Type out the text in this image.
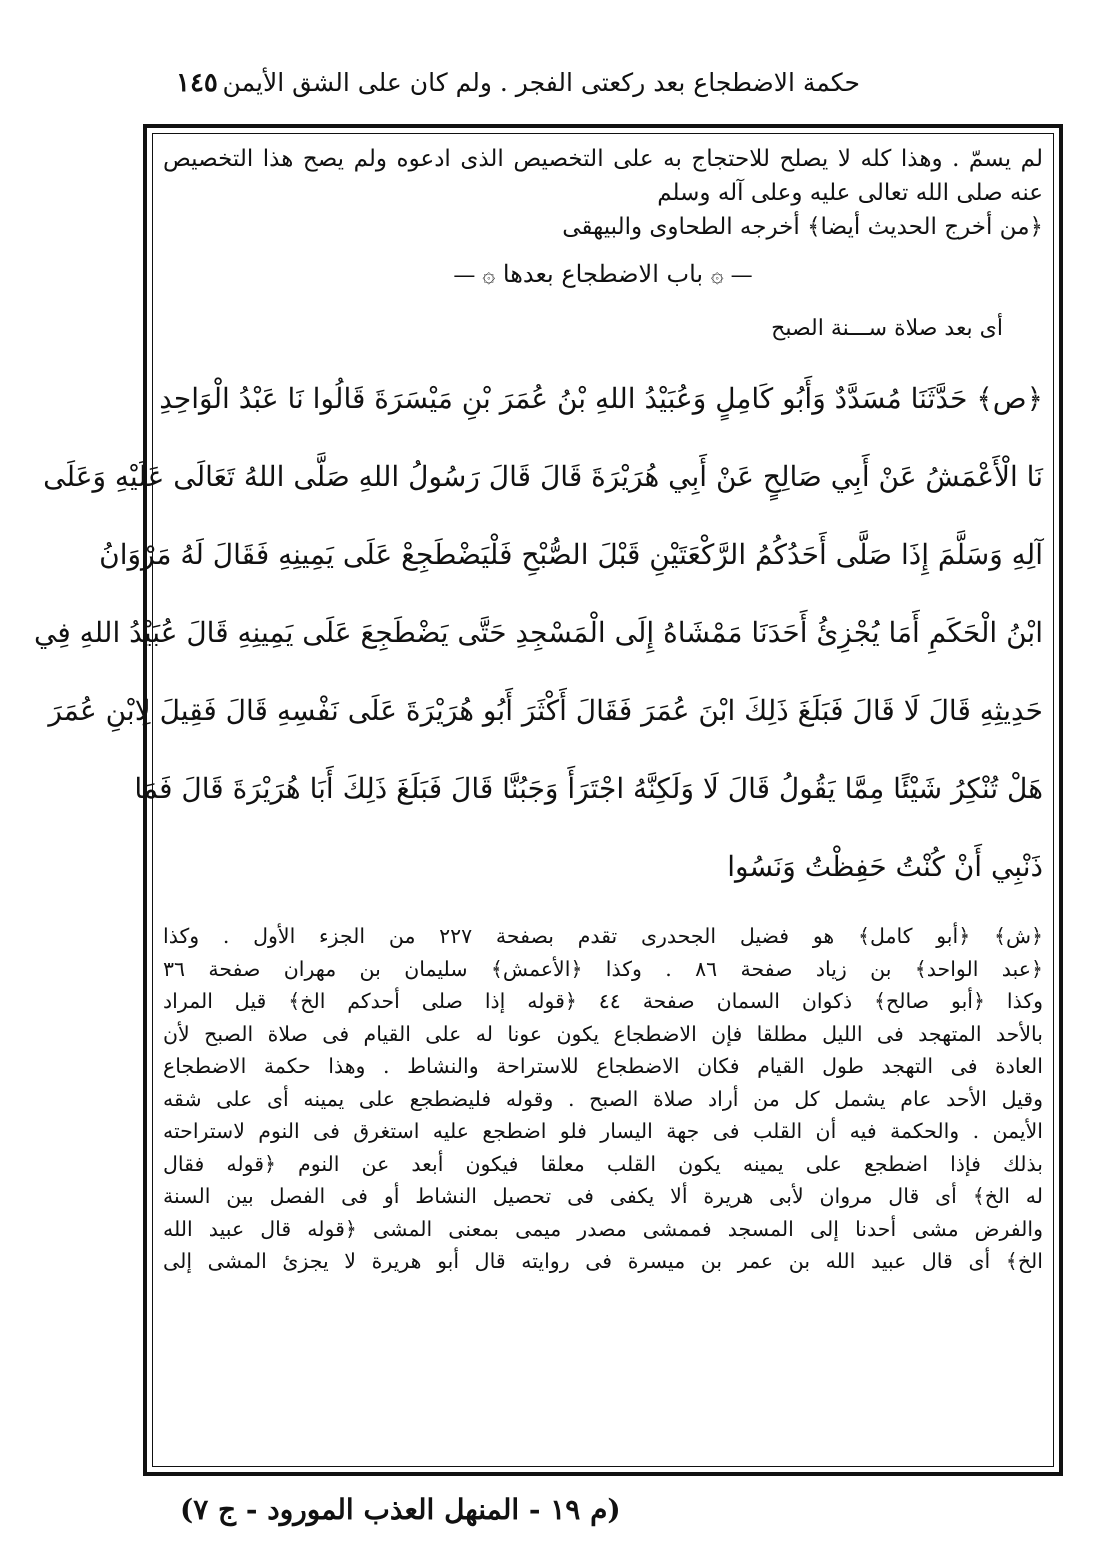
حكمة الاضطجاع بعد ركعتى الفجر . ولم كان على الشق الأيمن
١٤٥
لم يسمّ . وهذا كله لا يصلح للاحتجاج به على التخصيص الذى ادعوه ولم يصح هذا التخصيص
عنه صلى الله تعالى عليه وعلى آله وسلم
﴿من أخرج الحديث أيضا﴾ أخرجه الطحاوى والبيهقى
— ۞ باب الاضطجاع بعدها ۞ —
أى بعد صلاة ســـنة الصبح
﴿ص﴾ حَدَّثَنَا مُسَدَّدٌ وَأَبُو كَامِلٍ وَعُبَيْدُ اللهِ بْنُ عُمَرَ بْنِ مَيْسَرَةَ قَالُوا نَا عَبْدُ الْوَاحِدِ
نَا الْأَعْمَشُ عَنْ أَبِي صَالِحٍ عَنْ أَبِي هُرَيْرَةَ قَالَ قَالَ رَسُولُ اللهِ صَلَّى اللهُ تَعَالَى عَلَيْهِ وَعَلَى
آلِهِ وَسَلَّمَ إِذَا صَلَّى أَحَدُكُمُ الرَّكْعَتَيْنِ قَبْلَ الصُّبْحِ فَلْيَضْطَجِعْ عَلَى يَمِينِهِ فَقَالَ لَهُ مَرْوَانُ
ابْنُ الْحَكَمِ أَمَا يُجْزِئُ أَحَدَنَا مَمْشَاهُ إِلَى الْمَسْجِدِ حَتَّى يَضْطَجِعَ عَلَى يَمِينِهِ قَالَ عُبَيْدُ اللهِ فِي
حَدِيثِهِ قَالَ لَا قَالَ فَبَلَغَ ذَلِكَ ابْنَ عُمَرَ فَقَالَ أَكْثَرَ أَبُو هُرَيْرَةَ عَلَى نَفْسِهِ قَالَ فَقِيلَ لِابْنِ عُمَرَ
هَلْ تُنْكِرُ شَيْئًا مِمَّا يَقُولُ قَالَ لَا وَلَكِنَّهُ اجْتَرَأَ وَجَبُنَّا قَالَ فَبَلَغَ ذَلِكَ أَبَا هُرَيْرَةَ قَالَ فَمَا
ذَنْبِي أَنْ كُنْتُ حَفِظْتُ وَنَسُوا
﴿ش﴾ ﴿أبو كامل﴾ هو فضيل الجحدرى تقدم بصفحة ٢٢٧ من الجزء الأول . وكذا
﴿عبد الواحد﴾ بن زياد صفحة ٨٦ . وكذا ﴿الأعمش﴾ سليمان بن مهران صفحة ٣٦
وكذا ﴿أبو صالح﴾ ذكوان السمان صفحة ٤٤ ﴿قوله إذا صلى أحدكم الخ﴾ قيل المراد
بالأحد المتهجد فى الليل مطلقا فإن الاضطجاع يكون عونا له على القيام فى صلاة الصبح لأن
العادة فى التهجد طول القيام فكان الاضطجاع للاستراحة والنشاط . وهذا حكمة الاضطجاع
وقيل الأحد عام يشمل كل من أراد صلاة الصبح . وقوله فليضطجع على يمينه أى على شقه
الأيمن . والحكمة فيه أن القلب فى جهة اليسار فلو اضطجع عليه استغرق فى النوم لاستراحته
بذلك فإذا اضطجع على يمينه يكون القلب معلقا فيكون أبعد عن النوم ﴿قوله فقال
له الخ﴾ أى قال مروان لأبى هريرة ألا يكفى فى تحصيل النشاط أو فى الفصل بين السنة
والفرض مشى أحدنا إلى المسجد فممشى مصدر ميمى بمعنى المشى ﴿قوله قال عبيد الله
الخ﴾ أى قال عبيد الله بن عمر بن ميسرة فى روايته قال أبو هريرة لا يجزئ المشى إلى
(م ١٩ - المنهل العذب المورود - ج ٧)
